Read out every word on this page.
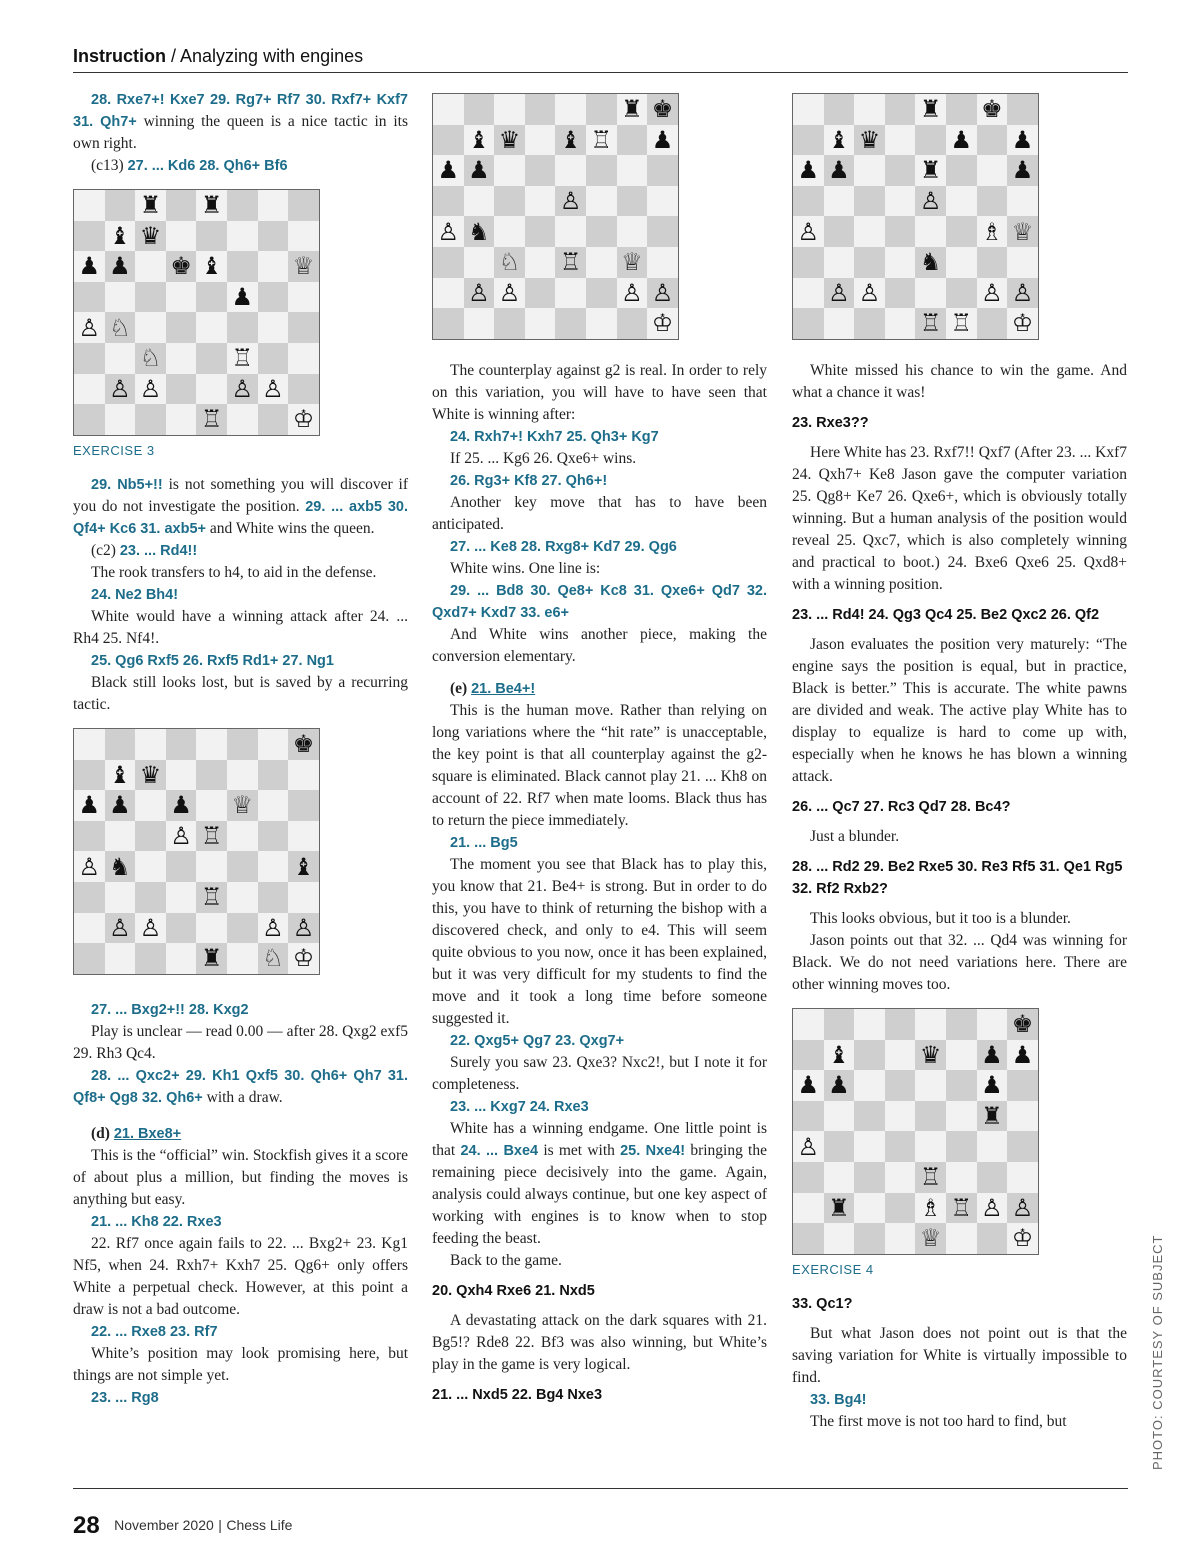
Instruction / Analyzing with engines

28. Rxe7+! Kxe7 29. Rg7+ Rf7 30. Rxf7+ Kxf7 31. Qh7+ winning the queen is a nice tactic in its own right.

(c13) 27. ... Kd6 28. Qh6+ Bf6

♜ ♜
♝ ♛
♟ ♟ ♚ ♝	♕
♟
♙ ♘
♘	♖
♙ ♙	♙ ♙
♖	♔
EXERCISE 3

29. Nb5+!! is not something you will discover if you do not investigate the position. 29. ... axb5 30. Qf4+ Kc6 31. axb5+ and White wins the queen.

(c2) 23. ... Rd4!!

The rook transfers to h4, to aid in the defense.

24. Ne2 Bh4!

White would have a winning attack after 24. ... Rh4 25. Nf4!.

25. Qg6 Rxf5 26. Rxf5 Rd1+ 27. Ng1

Black still looks lost, but is saved by a recurring tactic.

♚
♝ ♛
♟ ♟ ♟ ♕
♙ ♖
♙ ♞	♝
♖
♙ ♙	♙ ♙
♜ ♘ ♔

27. ... Bxg2+!! 28. Kxg2

Play is unclear — read 0.00 — after 28. Qxg2 exf5 29. Rh3 Qc4.

28. ... Qxc2+ 29. Kh1 Qxf5 30. Qh6+ Qh7 31. Qf8+ Qg8 32. Qh6+ with a draw.

(d) 21. Bxe8+

This is the “official” win. Stockfish gives it a score of about plus a million, but finding the moves is anything but easy.

21. ... Kh8 22. Rxe3

22. Rf7 once again fails to 22. ... Bxg2+ 23. Kg1 Nf5, when 24. Rxh7+ Kxh7 25. Qg6+ only offers White a perpetual check. However, at this point a draw is not a bad outcome.

22. ... Rxe8 23. Rf7

White’s position may look promising here, but things are not simple yet.

23. ... Rg8

♜ ♚
♝ ♛ ♝ ♖ ♟
♟ ♟
♙
♙ ♞
♘ ♖ ♕
♙ ♙	♙ ♙
♔

The counterplay against g2 is real. In order to rely on this variation, you will have to have seen that White is winning after:

24. Rxh7+! Kxh7 25. Qh3+ Kg7

If 25. ... Kg6 26. Qxe6+ wins.

26. Rg3+ Kf8 27. Qh6+!

Another key move that has to have been anticipated.

27. ... Ke8 28. Rxg8+ Kd7 29. Qg6

White wins. One line is:

29. ... Bd8 30. Qe8+ Kc8 31. Qxe6+ Qd7 32. Qxd7+ Kxd7 33. e6+

And White wins another piece, making the conversion elementary.

(e) 21. Be4+!

This is the human move. Rather than relying on long variations where the “hit rate” is unacceptable, the key point is that all counterplay against the g2-square is eliminated. Black cannot play 21. ... Kh8 on account of 22. Rf7 when mate looms. Black thus has to return the piece immediately.

21. ... Bg5

The moment you see that Black has to play this, you know that 21. Be4+ is strong. But in order to do this, you have to think of returning the bishop with a discovered check, and only to e4. This will seem quite obvious to you now, once it has been explained, but it was very difficult for my students to find the move and it took a long time before someone suggested it.

22. Qxg5+ Qg7 23. Qxg7+

Surely you saw 23. Qxe3? Nxc2!, but I note it for completeness.

23. ... Kxg7 24. Rxe3

White has a winning endgame. One little point is that 24. ... Bxe4 is met with 25. Nxe4! bringing the remaining piece decisively into the game. Again, analysis could always continue, but one key aspect of working with engines is to know when to stop feeding the beast.

Back to the game.

20. Qxh4 Rxe6 21. Nxd5

A devastating attack on the dark squares with 21. Bg5!? Rde8 22. Bf3 was also winning, but White’s play in the game is very logical.

21. ... Nxd5 22. Bg4 Nxe3
♜ ♚
♝ ♛	♟ ♟
♟ ♟	♜	♟
♙
♙	♗ ♕
♞
♙ ♙	♙ ♙
♖ ♖ ♔

White missed his chance to win the game. And what a chance it was!

23. Rxe3??

Here White has 23. Rxf7!! Qxf7 (After 23. ... Kxf7 24. Qxh7+ Ke8 Jason gave the computer variation 25. Qg8+ Ke7 26. Qxe6+, which is obviously totally winning. But a human analysis of the position would reveal 25. Qxc7, which is also completely winning and practical to boot.) 24. Bxe6 Qxe6 25. Qxd8+ with a winning position.

23. ... Rd4! 24. Qg3 Qc4 25. Be2 Qxc2 26. Qf2

Jason evaluates the position very maturely: “The engine says the position is equal, but in practice, Black is better.” This is accurate. The white pawns are divided and weak. The active play White has to display to equalize is hard to come up with, especially when he knows he has blown a winning attack.

26. ... Qc7 27. Rc3 Qd7 28. Bc4?

Just a blunder.

28. ... Rd2 29. Be2 Rxe5 30. Re3 Rf5 31. Qe1 Rg5 32. Rf2 Rxb2?

This looks obvious, but it too is a blunder.

Jason points out that 32. ... Qd4 was winning for Black. We do not need variations here. There are other winning moves too.

♚
♝	♛ ♟ ♟
♟ ♟	♟
♜
♙
♖
♜	♗ ♖ ♙ ♙
♕	♔
EXERCISE 4
33. Qc1?

But what Jason does not point out is that the saving variation for White is virtually impossible to find.

33. Bg4!

The first move is not too hard to find, but

28 November 2020 | Chess Life
PHOTO: COURTESY OF SUBJECT
